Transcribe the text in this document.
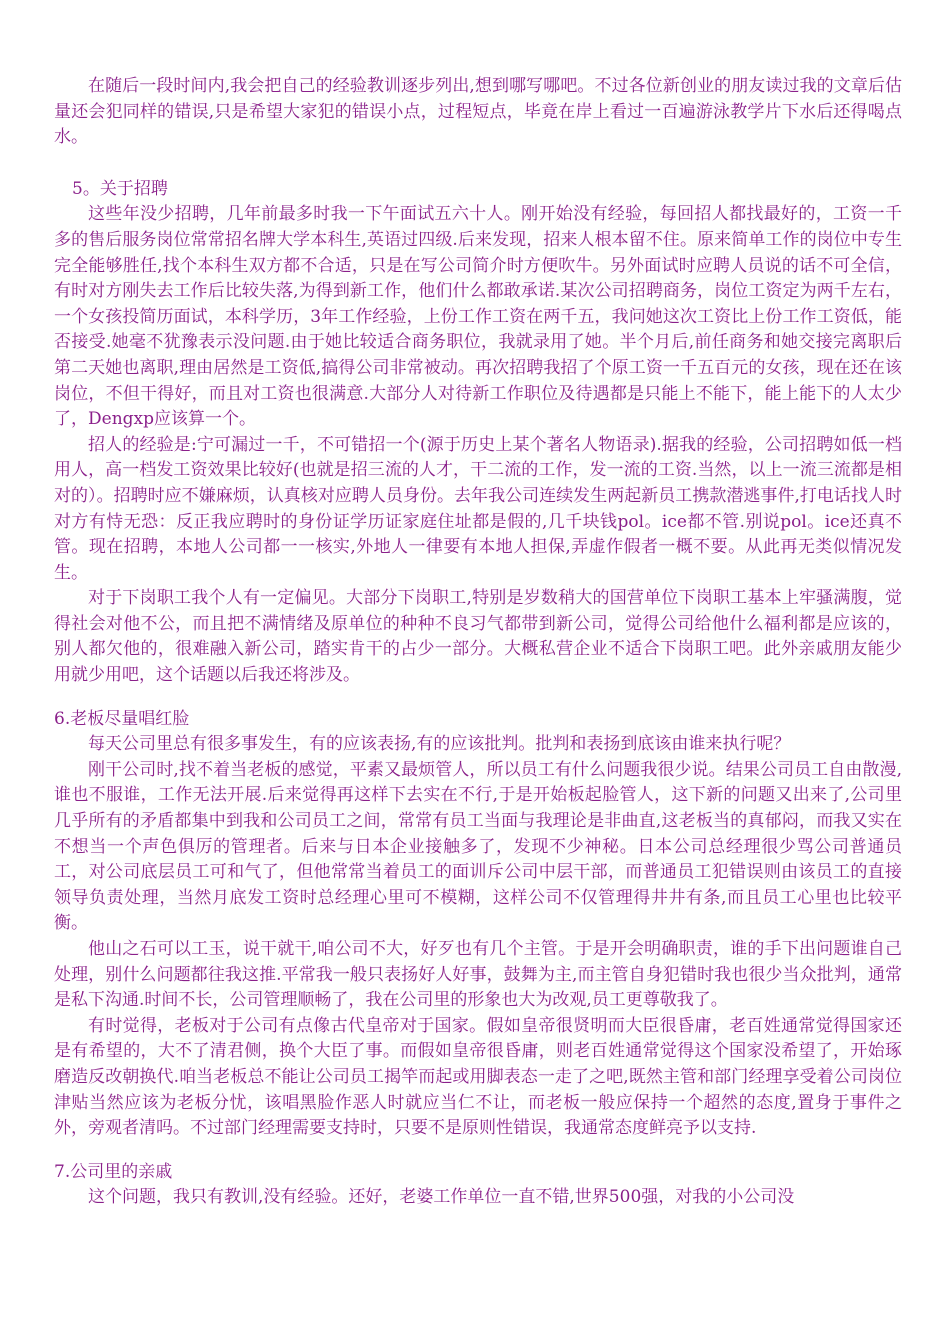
在随后一段时间内,我会把自己的经验教训逐步列出,想到哪写哪吧。不过各位新创业的朋友读过我的文章后估量还会犯同样的错误,只是希望大家犯的错误小点，过程短点，毕竟在岸上看过一百遍游泳教学片下水后还得喝点水。

5。关于招聘

这些年没少招聘，几年前最多时我一下午面试五六十人。刚开始没有经验，每回招人都找最好的，工资一千多的售后服务岗位常常招名牌大学本科生,英语过四级.后来发现，招来人根本留不住。原来简单工作的岗位中专生完全能够胜任,找个本科生双方都不合适，只是在写公司简介时方便吹牛。另外面试时应聘人员说的话不可全信，有时对方刚失去工作后比较失落,为得到新工作，他们什么都敢承诺.某次公司招聘商务，岗位工资定为两千左右，一个女孩投简历面试，本科学历，3年工作经验，上份工作工资在两千五，我问她这次工资比上份工作工资低，能否接受.她毫不犹豫表示没问题.由于她比较适合商务职位，我就录用了她。半个月后,前任商务和她交接完离职后第二天她也离职,理由居然是工资低,搞得公司非常被动。再次招聘我招了个原工资一千五百元的女孩，现在还在该岗位，不但干得好，而且对工资也很满意.大部分人对待新工作职位及待遇都是只能上不能下，能上能下的人太少了，Dengxp应该算一个。

招人的经验是:宁可漏过一千，不可错招一个(源于历史上某个著名人物语录).据我的经验，公司招聘如低一档用人，高一档发工资效果比较好(也就是招三流的人才，干二流的工作，发一流的工资.当然，以上一流三流都是相对的）。招聘时应不嫌麻烦，认真核对应聘人员身份。去年我公司连续发生两起新员工携款潜逃事件,打电话找人时对方有恃无恐：反正我应聘时的身份证学历证家庭住址都是假的,几千块钱pol。ice都不管.别说pol。ice还真不管。现在招聘，本地人公司都一一核实,外地人一律要有本地人担保,弄虚作假者一概不要。从此再无类似情况发生。

对于下岗职工我个人有一定偏见。大部分下岗职工,特别是岁数稍大的国营单位下岗职工基本上牢骚满腹，觉得社会对他不公，而且把不满情绪及原单位的种种不良习气都带到新公司，觉得公司给他什么福利都是应该的，别人都欠他的，很难融入新公司，踏实肯干的占少一部分。大概私营企业不适合下岗职工吧。此外亲戚朋友能少用就少用吧，这个话题以后我还将涉及。

6.老板尽量唱红脸

每天公司里总有很多事发生，有的应该表扬,有的应该批判。批判和表扬到底该由谁来执行呢？

刚干公司时,找不着当老板的感觉，平素又最烦管人，所以员工有什么问题我很少说。结果公司员工自由散漫,谁也不服谁，工作无法开展.后来觉得再这样下去实在不行,于是开始板起脸管人，这下新的问题又出来了,公司里几乎所有的矛盾都集中到我和公司员工之间，常常有员工当面与我理论是非曲直,这老板当的真郁闷，而我又实在不想当一个声色俱厉的管理者。后来与日本企业接触多了，发现不少神秘。日本公司总经理很少骂公司普通员工，对公司底层员工可和气了，但他常常当着员工的面训斥公司中层干部，而普通员工犯错误则由该员工的直接领导负责处理，当然月底发工资时总经理心里可不模糊，这样公司不仅管理得井井有条,而且员工心里也比较平衡。

他山之石可以工玉，说干就干,咱公司不大，好歹也有几个主管。于是开会明确职责，谁的手下出问题谁自己处理，别什么问题都往我这推.平常我一般只表扬好人好事，鼓舞为主,而主管自身犯错时我也很少当众批判，通常是私下沟通.时间不长，公司管理顺畅了，我在公司里的形象也大为改观,员工更尊敬我了。

有时觉得，老板对于公司有点像古代皇帝对于国家。假如皇帝很贤明而大臣很昏庸，老百姓通常觉得国家还是有希望的，大不了清君侧，换个大臣了事。而假如皇帝很昏庸，则老百姓通常觉得这个国家没希望了，开始琢磨造反改朝换代.咱当老板总不能让公司员工揭竿而起或用脚表态一走了之吧,既然主管和部门经理享受着公司岗位津贴当然应该为老板分忧，该唱黑脸作恶人时就应当仁不让，而老板一般应保持一个超然的态度,置身于事件之外，旁观者清吗。不过部门经理需要支持时，只要不是原则性错误，我通常态度鲜亮予以支持.

7.公司里的亲戚

这个问题，我只有教训,没有经验。还好，老婆工作单位一直不错,世界500强，对我的小公司没
